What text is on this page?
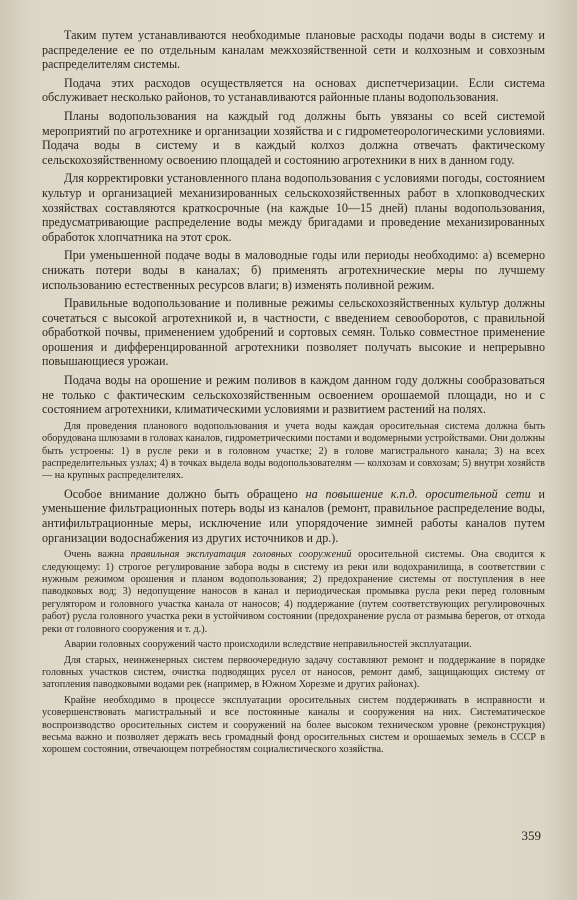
Таким путем устанавливаются необходимые плановые расходы подачи воды в систему и распределение ее по отдельным каналам межхозяйственной сети и колхозным и совхозным распределителям системы.

Подача этих расходов осуществляется на основах диспетчеризации. Если система обслуживает несколько районов, то устанавливаются районные планы водопользования.

Планы водопользования на каждый год должны быть увязаны со всей системой мероприятий по агротехнике и организации хозяйства и с гидрометеорологическими условиями. Подача воды в систему и в каждый колхоз должна отвечать фактическому сельскохозяйственному освоению площадей и состоянию агротехники в них в данном году.

Для корректировки установленного плана водопользования с условиями погоды, состоянием культур и организацией механизированных сельскохозяйственных работ в хлопководческих хозяйствах составляются краткосрочные (на каждые 10—15 дней) планы водопользования, предусматривающие распределение воды между бригадами и проведение механизированных обработок хлопчатника на этот срок.

При уменьшенной подаче воды в маловодные годы или периоды необходимо: а) всемерно снижать потери воды в каналах; б) применять агротехнические меры по лучшему использованию естественных ресурсов влаги; в) изменять поливной режим.

Правильные водопользование и поливные режимы сельскохозяйственных культур должны сочетаться с высокой агротехникой и, в частности, с введением севооборотов, с правильной обработкой почвы, применением удобрений и сортовых семян. Только совместное применение орошения и дифференцированной агротехники позволяет получать высокие и непрерывно повышающиеся урожаи.

Подача воды на орошение и режим поливов в каждом данном году должны сообразоваться не только с фактическим сельскохозяйственным освоением орошаемой площади, но и с состоянием агротехники, климатическими условиями и развитием растений на полях.

Для проведения планового водопользования и учета воды каждая оросительная система должна быть оборудована шлюзами в головах каналов, гидрометрическими постами и водомерными устройствами. Они должны быть устроены: 1) в русле реки и в головном участке; 2) в голове магистрального канала; 3) на всех распределительных узлах; 4) в точках выдела воды водопользователям — колхозам и совхозам; 5) внутри хозяйств — на крупных распределителях.

Особое внимание должно быть обращено на повышение к.п.д. оросительной сети и уменьшение фильтрационных потерь воды из каналов (ремонт, правильное распределение воды, антифильтрационные меры, исключение или упорядочение зимней работы каналов путем организации водоснабжения из других источников и др.).

Очень важна правильная эксплуатация головных сооружений оросительной системы. Она сводится к следующему: 1) строгое регулирование забора воды в систему из реки или водохранилища, в соответствии с нужным режимом орошения и планом водопользования; 2) предохранение системы от поступления в нее паводковых вод; 3) недопущение наносов в канал и периодическая промывка русла реки перед головным регулятором и головного участка канала от наносов; 4) поддержание (путем соответствующих регулировочных работ) русла головного участка реки в устойчивом состоянии (предохранение русла от размыва берегов, от отхода реки от головного сооружения и т. д.).

Аварии головных сооружений часто происходили вследствие неправильностей эксплуатации.

Для старых, неинженерных систем первоочередную задачу составляют ремонт и поддержание в порядке головных участков систем, очистка подводящих русел от наносов, ремонт дамб, защищающих систему от затопления паводковыми водами рек (например, в Южном Хорезме и других районах).

Крайне необходимо в процессе эксплуатации оросительных систем поддерживать в исправности и усовершенствовать магистральный и все постоянные каналы и сооружения на них. Систематическое воспроизводство оросительных систем и сооружений на более высоком техническом уровне (реконструкция) весьма важно и позволяет держать весь громадный фонд оросительных систем и орошаемых земель в СССР в хорошем состоянии, отвечающем потребностям социалистического хозяйства.

359
